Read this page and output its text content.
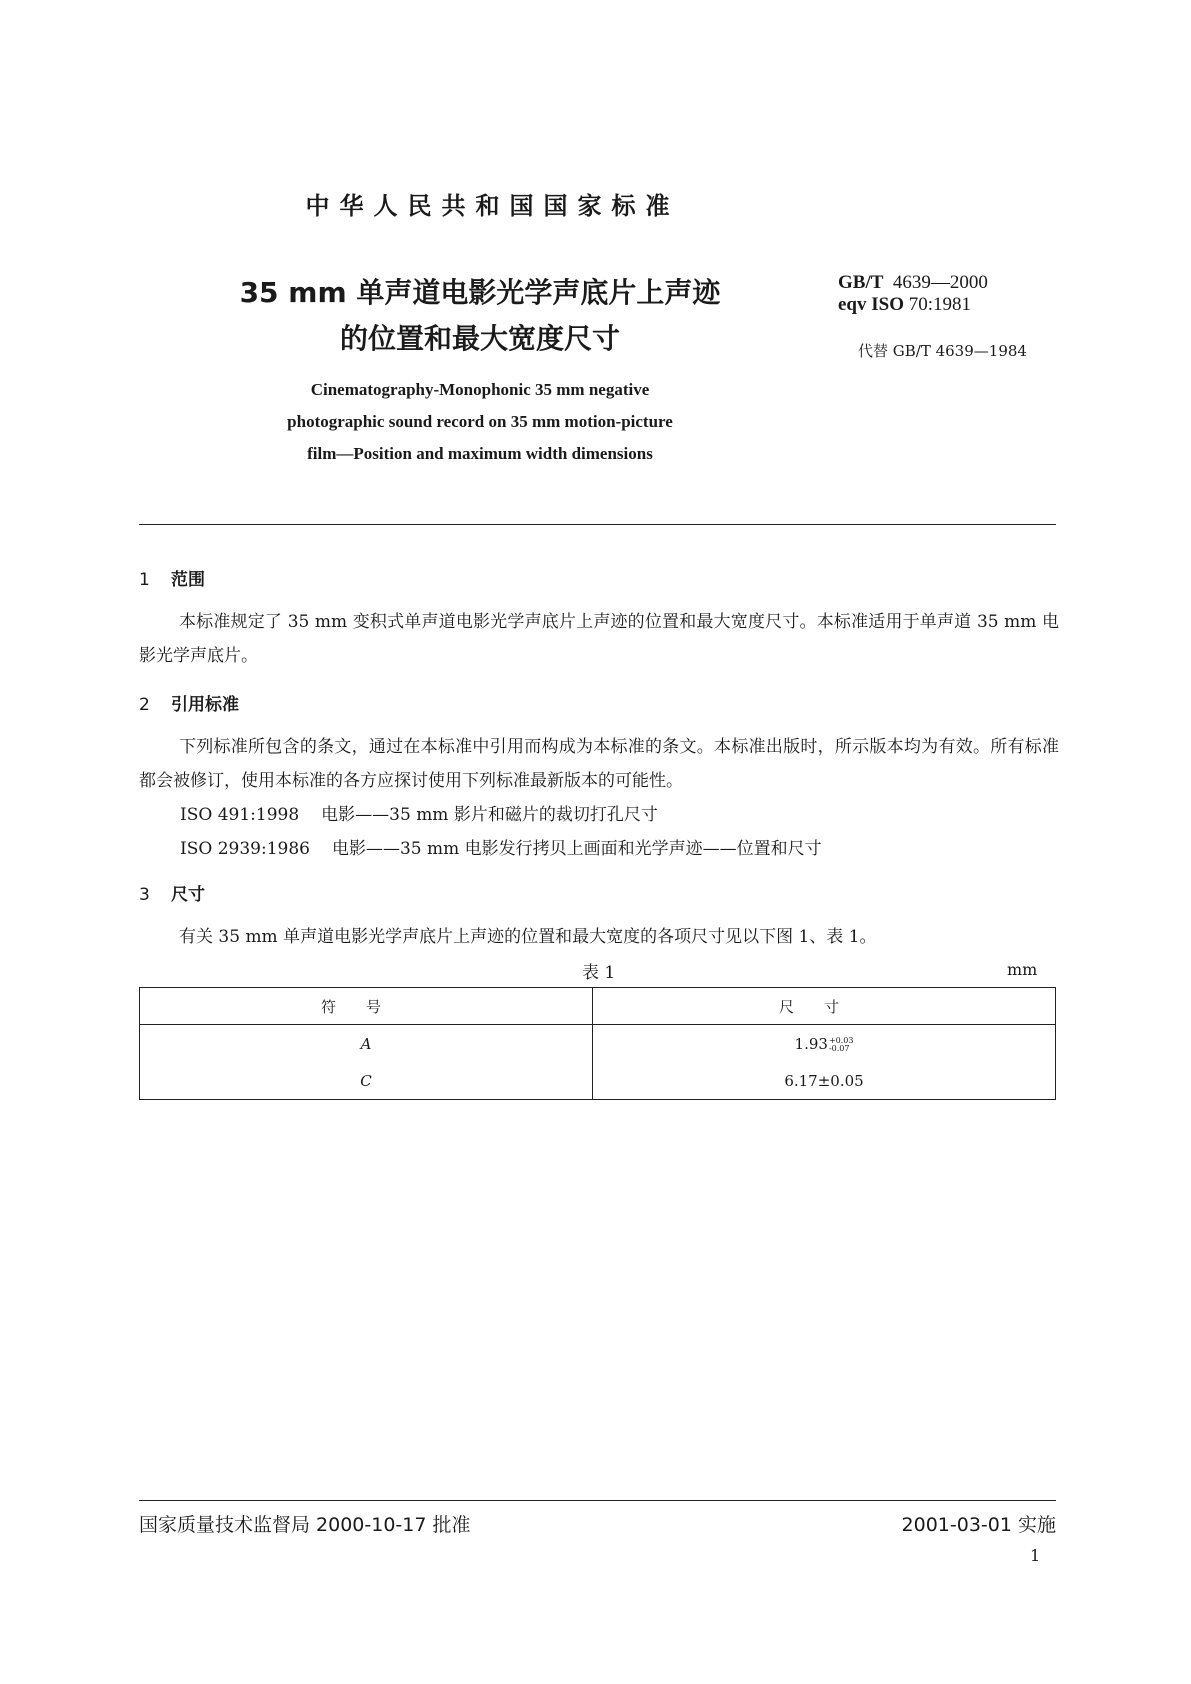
中华人民共和国国家标准
35 mm 单声道电影光学声底片上声迹
的位置和最大宽度尺寸
GB/T 4639—2000
eqv ISO 70:1981
代替 GB/T 4639—1984
Cinematography-Monophonic 35 mm negative
photographic sound record on 35 mm motion-picture
film—Position and maximum width dimensions
1 范围
本标准规定了 35 mm 变积式单声道电影光学声底片上声迹的位置和最大宽度尺寸。本标准适用于单声道 35 mm 电影光学声底片。
2 引用标准
下列标准所包含的条文，通过在本标准中引用而构成为本标准的条文。本标准出版时，所示版本均为有效。所有标准都会被修订，使用本标准的各方应探讨使用下列标准最新版本的可能性。
ISO 491:1998 电影——35 mm 影片和磁片的裁切打孔尺寸
ISO 2939:1986 电影——35 mm 电影发行拷贝上画面和光学声迹——位置和尺寸
3 尺寸
有关 35 mm 单声道电影光学声底片上声迹的位置和最大宽度的各项尺寸见以下图 1、表 1。
表 1	mm
符号	尺寸
A	1.93 +0.03
-0.07

C	6.17±0.05
国家质量技术监督局 2000-10-17 批准	2001-03-01 实施
1
